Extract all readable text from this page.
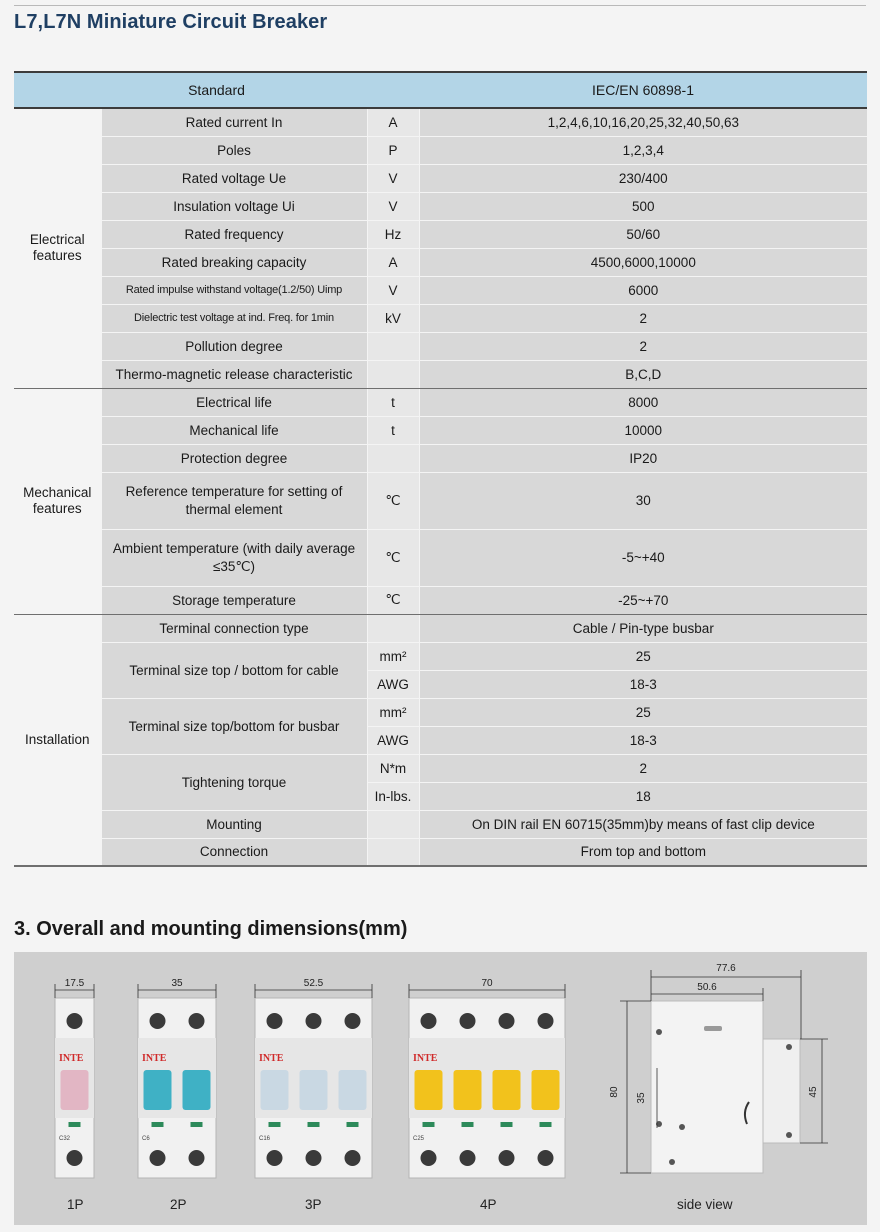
L7,L7N Miniature Circuit Breaker
Standard			IEC/EN 60898-1
Electrical features	Rated current In	A	1,2,4,6,10,16,20,25,32,40,50,63
	Poles	P	1,2,3,4
	Rated voltage Ue	V	230/400
	Insulation voltage Ui	V	500
	Rated frequency	Hz	50/60
	Rated breaking capacity	A	4500,6000,10000
	Rated impulse withstand voltage(1.2/50) Uimp	V	6000
	Dielectric test voltage at ind. Freq. for 1min	kV	2
	Pollution degree		2
	Thermo-magnetic release characteristic		B,C,D
Mechanical features	Electrical life	t	8000
	Mechanical life	t	10000
	Protection degree		IP20
	Reference temperature for setting of thermal element	℃	30
	Ambient temperature (with daily average ≤35℃)	℃	-5~+40
	Storage temperature	℃	-25~+70
Installation	Terminal connection type		Cable / Pin-type busbar
	Terminal size top / bottom for cable	mm²	25
		AWG	18-3
	Terminal size top/bottom for busbar	mm²	25
		AWG	18-3
	Tightening torque	N*m	2
		In-lbs.	18
	Mounting		On DIN rail EN 60715(35mm)by means of fast clip device
	Connection		From top and bottom
3. Overall and mounting dimensions(mm)
INTE
C32
17.5
INTE
C6
35
INTE
C16
52.5
INTE
C25
70
77.6
50.6
80
35
45
1P	2P	3P	4P	side view
